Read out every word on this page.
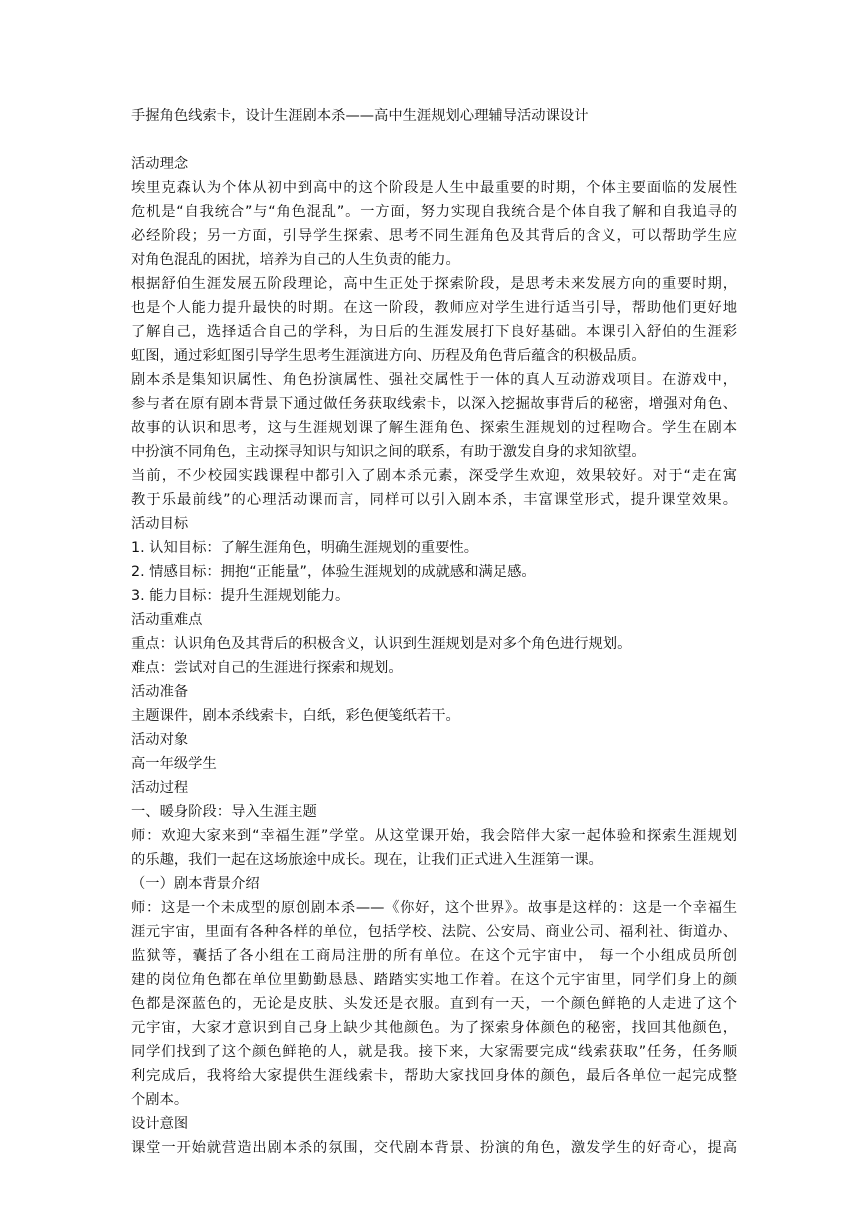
手握角色线索卡，设计生涯剧本杀——高中生涯规划心理辅导活动课设计

活动理念

埃里克森认为个体从初中到高中的这个阶段是人生中最重要的时期，个体主要面临的发展性

危机是“自我统合”与“角色混乱”。一方面，努力实现自我统合是个体自我了解和自我追寻的

必经阶段；另一方面，引导学生探索、思考不同生涯角色及其背后的含义，可以帮助学生应

对角色混乱的困扰，培养为自己的人生负责的能力。

根据舒伯生涯发展五阶段理论，高中生正处于探索阶段，是思考未来发展方向的重要时期，

也是个人能力提升最快的时期。在这一阶段，教师应对学生进行适当引导，帮助他们更好地

了解自己，选择适合自己的学科，为日后的生涯发展打下良好基础。本课引入舒伯的生涯彩

虹图，通过彩虹图引导学生思考生涯演进方向、历程及角色背后蕴含的积极品质。

剧本杀是集知识属性、角色扮演属性、强社交属性于一体的真人互动游戏项目。在游戏中，

参与者在原有剧本背景下通过做任务获取线索卡，以深入挖掘故事背后的秘密，增强对角色、

故事的认识和思考，这与生涯规划课了解生涯角色、探索生涯规划的过程吻合。学生在剧本

中扮演不同角色，主动探寻知识与知识之间的联系，有助于激发自身的求知欲望。

当前，不少校园实践课程中都引入了剧本杀元素，深受学生欢迎，效果较好。对于“走在寓

教于乐最前线”的心理活动课而言，同样可以引入剧本杀，丰富课堂形式，提升课堂效果。

活动目标

1. 认知目标：了解生涯角色，明确生涯规划的重要性。

2. 情感目标：拥抱“正能量”，体验生涯规划的成就感和满足感。

3. 能力目标：提升生涯规划能力。

活动重难点

重点：认识角色及其背后的积极含义，认识到生涯规划是对多个角色进行规划。

难点：尝试对自己的生涯进行探索和规划。

活动准备

主题课件，剧本杀线索卡，白纸，彩色便笺纸若干。

活动对象

高一年级学生

活动过程

一、暖身阶段：导入生涯主题

师：欢迎大家来到“幸福生涯”学堂。从这堂课开始，我会陪伴大家一起体验和探索生涯规划

的乐趣，我们一起在这场旅途中成长。现在，让我们正式进入生涯第一课。

（一）剧本背景介绍

师：这是一个未成型的原创剧本杀——《你好，这个世界》。故事是这样的：这是一个幸福生

涯元宇宙，里面有各种各样的单位，包括学校、法院、公安局、商业公司、福利社、街道办、

监狱等，囊括了各小组在工商局注册的所有单位。在这个元宇宙中， 每一个小组成员所创

建的岗位角色都在单位里勤勤恳恳、踏踏实实地工作着。在这个元宇宙里，同学们身上的颜

色都是深蓝色的，无论是皮肤、头发还是衣服。直到有一天，一个颜色鲜艳的人走进了这个

元宇宙，大家才意识到自己身上缺少其他颜色。为了探索身体颜色的秘密，找回其他颜色，

同学们找到了这个颜色鲜艳的人，就是我。接下来，大家需要完成“线索获取”任务，任务顺

利完成后，我将给大家提供生涯线索卡，帮助大家找回身体的颜色，最后各单位一起完成整

个剧本。

设计意图

课堂一开始就营造出剧本杀的氛围，交代剧本背景、扮演的角色，激发学生的好奇心，提高
